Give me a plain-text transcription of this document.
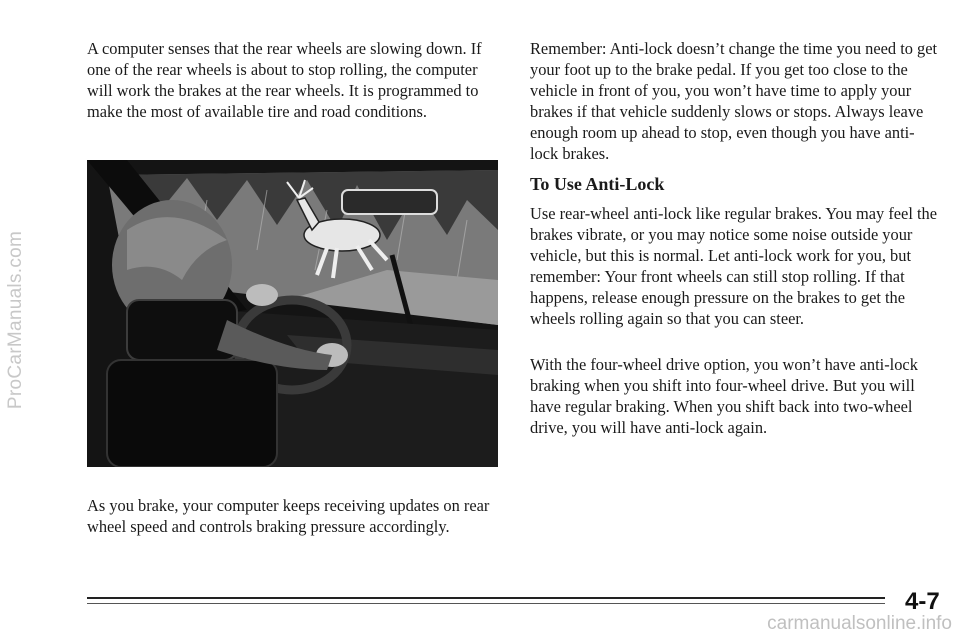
ProCarManuals.com

A computer senses that the rear wheels are slowing down. If one of the rear wheels is about to stop rolling, the computer will work the brakes at the rear wheels. It is programmed to make the most of available tire and road conditions.

As you brake, your computer keeps receiving updates on rear wheel speed and controls braking pressure accordingly.

Remember: Anti-lock doesn’t change the time you need to get your foot up to the brake pedal. If you get too close to the vehicle in front of you, you won’t have time to apply your brakes if that vehicle suddenly slows or stops. Always leave enough room up ahead to stop, even though you have anti-lock brakes.

To Use Anti-Lock

Use rear-wheel anti-lock like regular brakes. You may feel the brakes vibrate, or you may notice some noise outside your vehicle, but this is normal. Let anti-lock work for you, but remember: Your front wheels can still stop rolling. If that happens, release enough pressure on the brakes to get the wheels rolling again so that you can steer.

With the four-wheel drive option, you won’t have anti-lock braking when you shift into four-wheel drive. But you will have regular braking. When you shift back into two-wheel drive, you will have anti-lock again.

4-7
carmanualsonline.info
